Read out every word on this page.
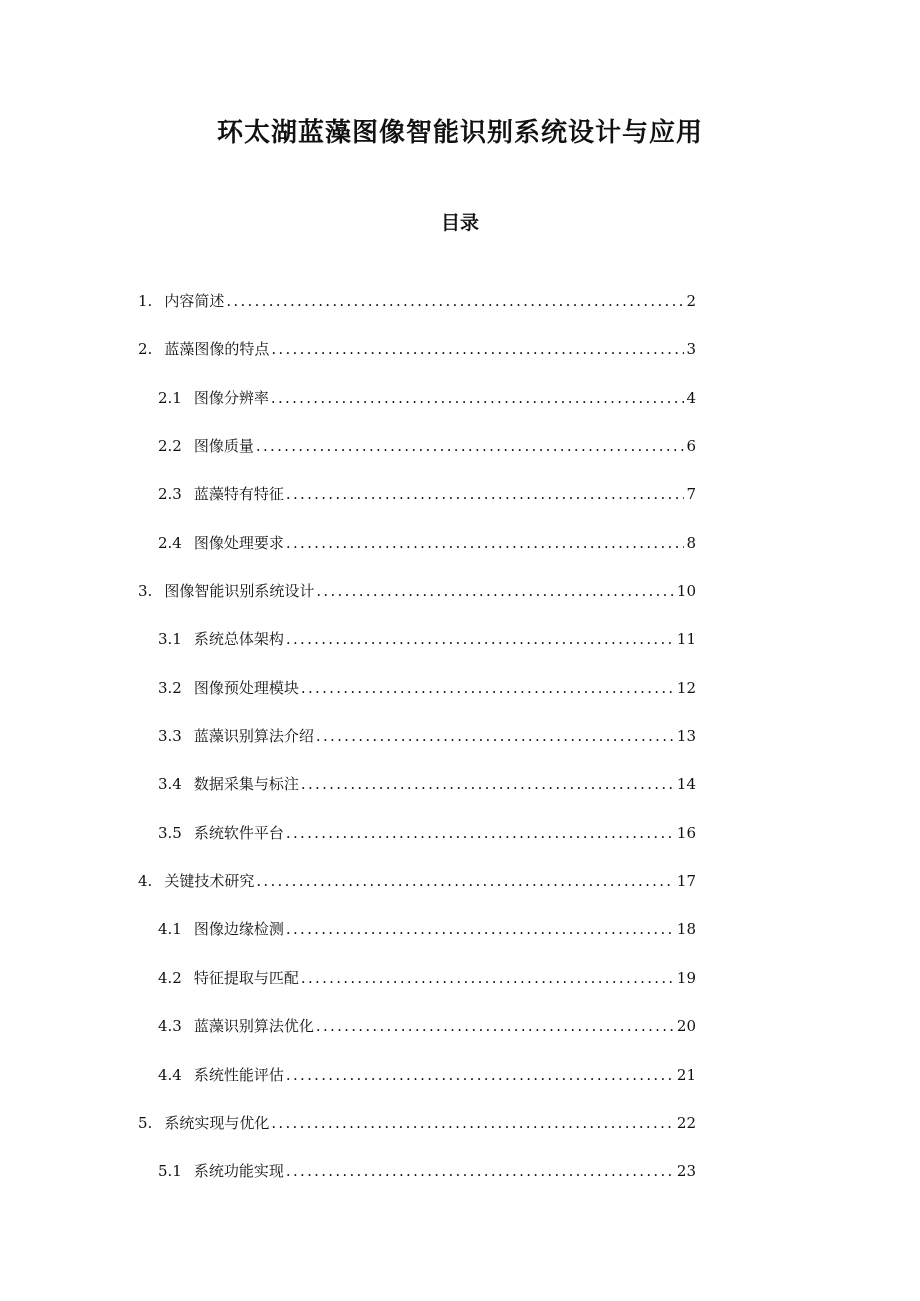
环太湖蓝藻图像智能识别系统设计与应用
目录
1. 内容简述 .....	2
2. 蓝藻图像的特点 .....	3
2.1 图像分辨率 .....	4
2.2 图像质量 .....	6
2.3 蓝藻特有特征 .....	7
2.4 图像处理要求 .....	8
3. 图像智能识别系统设计 .....	10
3.1 系统总体架构 .....	11
3.2 图像预处理模块 .....	12
3.3 蓝藻识别算法介绍 .....	13
3.4 数据采集与标注 .....	14
3.5 系统软件平台 .....	16
4. 关键技术研究 .....	17
4.1 图像边缘检测 .....	18
4.2 特征提取与匹配 .....	19
4.3 蓝藻识别算法优化 .....	20
4.4 系统性能评估 .....	21
5. 系统实现与优化 .....	22
5.1 系统功能实现 .....	23
